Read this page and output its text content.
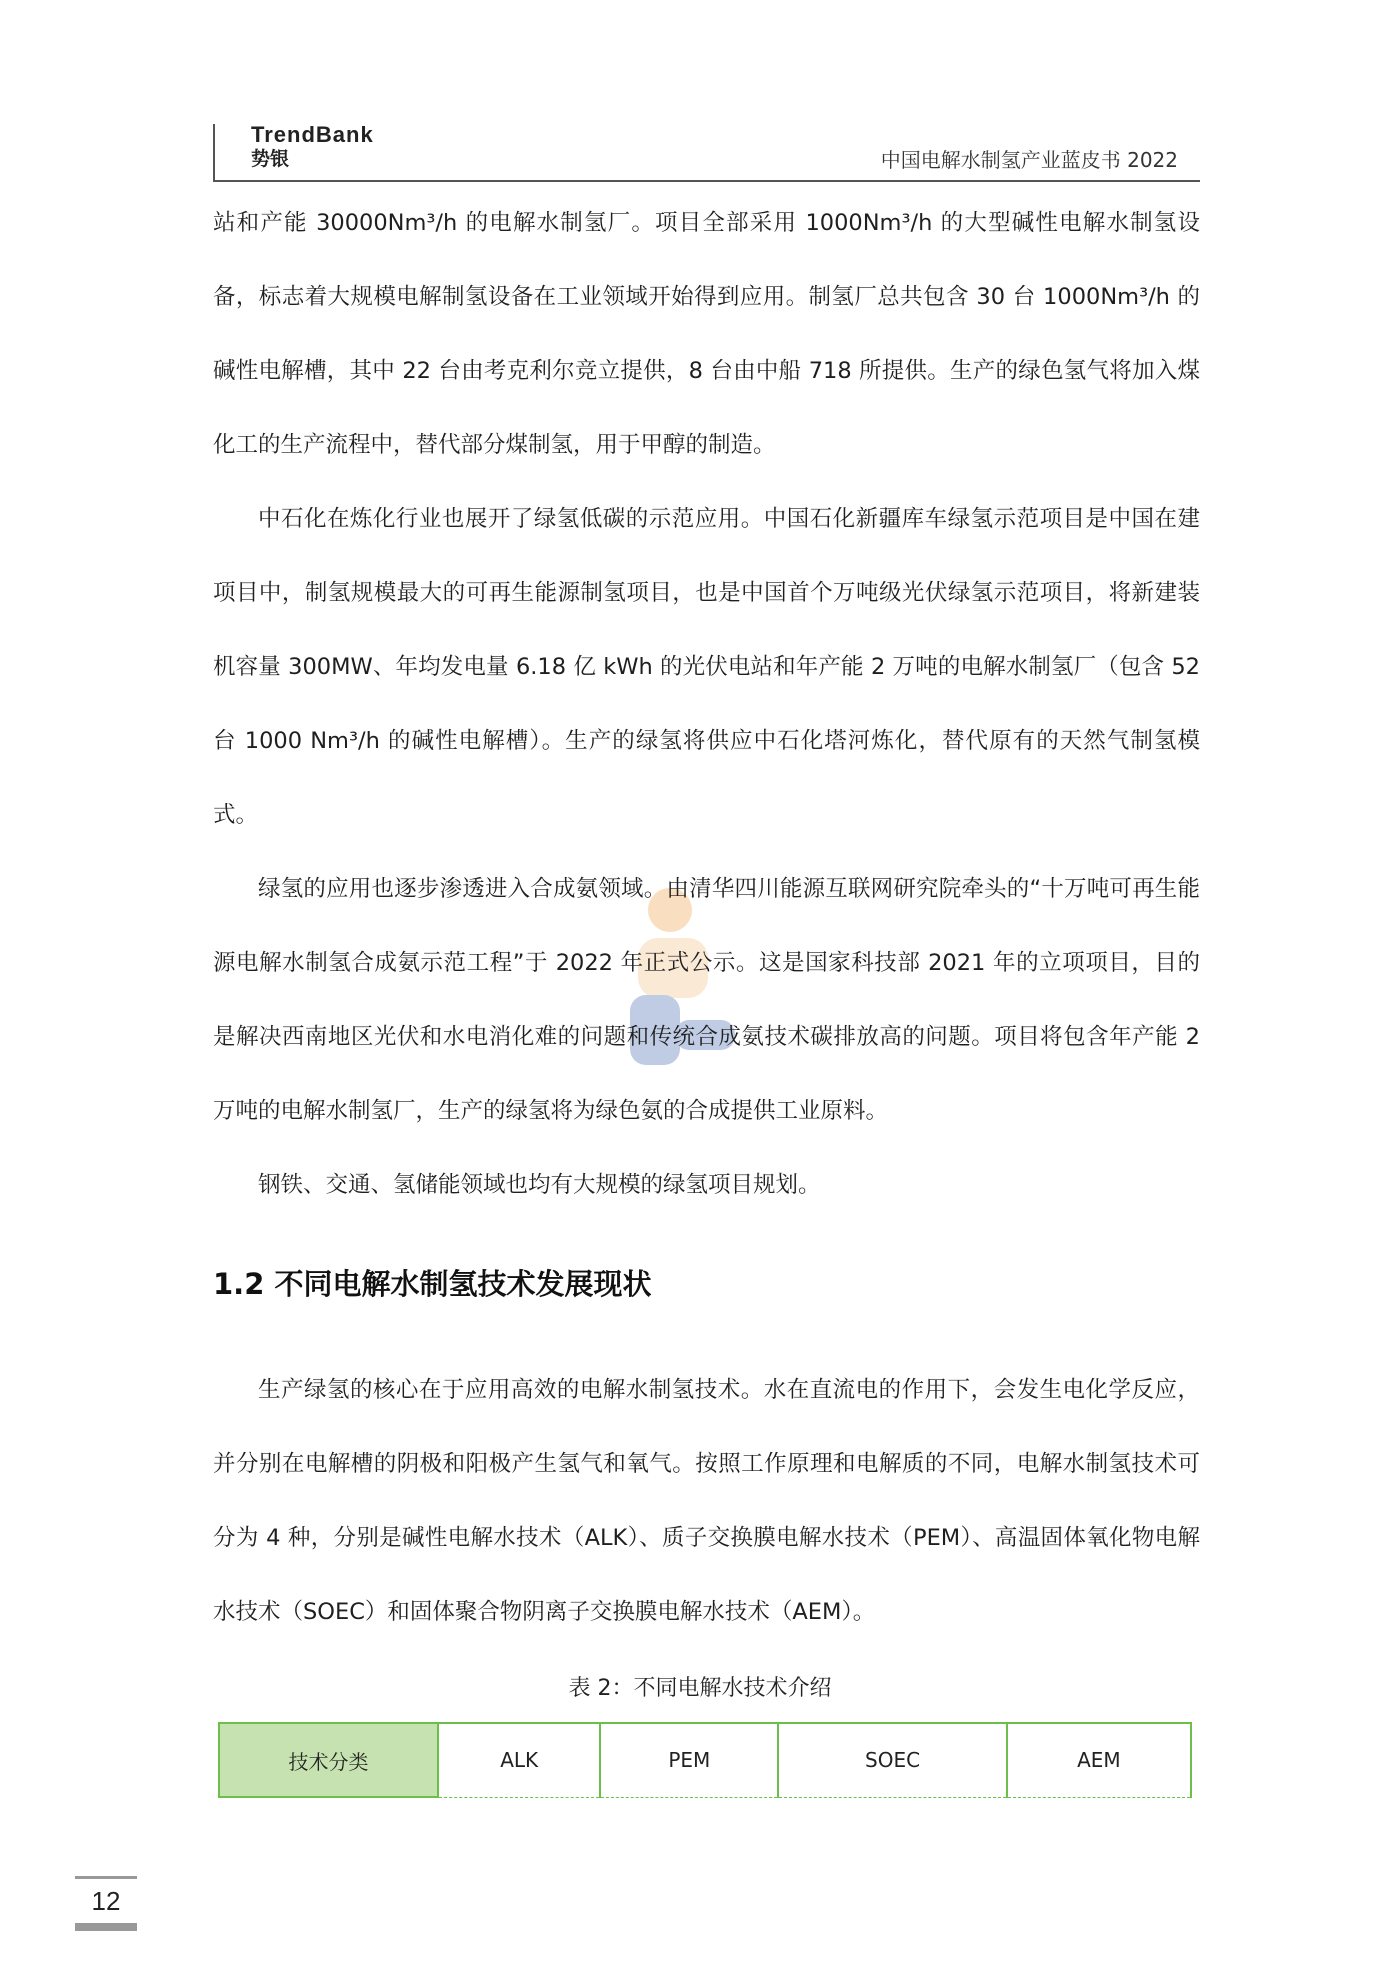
TrendBank
势银	中国电解水制氢产业蓝皮书 2022

站和产能 30000Nm³/h 的电解水制氢厂。项目全部采用 1000Nm³/h 的大型碱性电解水制氢设备，标志着大规模电解制氢设备在工业领域开始得到应用。制氢厂总共包含 30 台 1000Nm³/h 的碱性电解槽，其中 22 台由考克利尔竞立提供，8 台由中船 718 所提供。生产的绿色氢气将加入煤化工的生产流程中，替代部分煤制氢，用于甲醇的制造。

中石化在炼化行业也展开了绿氢低碳的示范应用。中国石化新疆库车绿氢示范项目是中国在建项目中，制氢规模最大的可再生能源制氢项目，也是中国首个万吨级光伏绿氢示范项目，将新建装机容量 300MW、年均发电量 6.18 亿 kWh 的光伏电站和年产能 2 万吨的电解水制氢厂（包含 52 台 1000 Nm³/h 的碱性电解槽）。生产的绿氢将供应中石化塔河炼化，替代原有的天然气制氢模式。

绿氢的应用也逐步渗透进入合成氨领域。由清华四川能源互联网研究院牵头的“十万吨可再生能源电解水制氢合成氨示范工程”于 2022 年正式公示。这是国家科技部 2021 年的立项项目，目的是解决西南地区光伏和水电消化难的问题和传统合成氨技术碳排放高的问题。项目将包含年产能 2 万吨的电解水制氢厂，生产的绿氢将为绿色氨的合成提供工业原料。

钢铁、交通、氢储能领域也均有大规模的绿氢项目规划。

1.2 不同电解水制氢技术发展现状

生产绿氢的核心在于应用高效的电解水制氢技术。水在直流电的作用下，会发生电化学反应，并分别在电解槽的阴极和阳极产生氢气和氧气。按照工作原理和电解质的不同，电解水制氢技术可分为 4 种，分别是碱性电解水技术（ALK）、质子交换膜电解水技术（PEM）、高温固体氧化物电解水技术（SOEC）和固体聚合物阴离子交换膜电解水技术（AEM）。

表 2：不同电解水技术介绍
技术分类	ALK	PEM	SOEC	AEM
12
